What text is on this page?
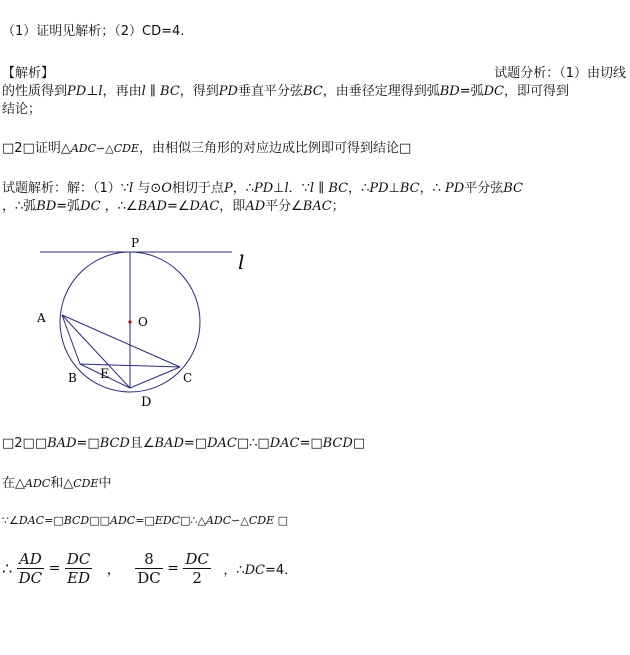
（1）证明见解析；（2）CD=4.
【解析】	试题分析：（1）由切线
的性质得到PD⊥l，再由l ∥ BC，得到PD垂直平分弦BC，由垂径定理得到弧BD=弧DC，即可得到
结论；
□2□证明△ADC∽△CDE，由相似三角形的对应边成比例即可得到结论□
试题解析：解：（1）∵l 与⊙O相切于点P，∴PD⊥l．∵l ∥ BC，∴PD⊥BC，∴ PD平分弦BC
，∴弧BD=弧DC ，∴∠BAD=∠DAC，即AD平分∠BAC；
P
l
A	O
B E	C
D
□2□□BAD=□BCD且∠BAD=□DAC□∴□DAC=□BCD□
在△ADC和△CDE中
∵∠DAC=□BCD□□ADC=□EDC□∴△ADC∽△CDE □
∴ $\frac{AD}{DC} = \frac{DC}{ED}$ ， $\frac{8}{DC} = \frac{DC}{2}$ ，∴DC=4．
